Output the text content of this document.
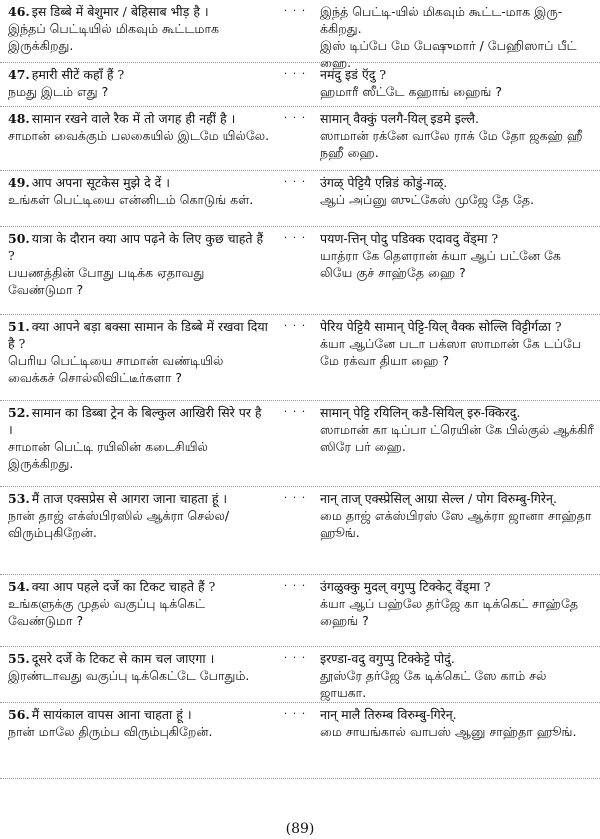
46. इस डिब्बे में बेशुमार / बेहिसाब भीड़ है ।
இந்தப் பெட்டியில் மிகவும் கூட்டமாக இருக்கிறது.
· · ·	இந்த் பெட்டி-யில் மிகவும் கூட்ட-மாக இரு-க்கிறது.
இஸ் டிப்பே மே பேஷுமார் / பேஹிஸாப் பீட் ஹை.
47. हमारी सीटें कहाँ हैं ?
நமது இடம் எது ?
· · ·	नमदु इडं ऍदु ?
ஹமாரீ ஸீட்டே கஹாங் ஹைங் ?
48. सामान रखने वाले रैक में तो जगह ही नहीं है ।
சாமான் வைக்கும் பலகையில் இடமே யில்லே.
· · ·	सामान् वैक्कुं पलगै-यिल् इडमे इल्लै.
ஸாமான் ரக்னே வாலே ராக் மே தோ ஜகஹ் ஹீ நஹீ ஹை.
49. आप अपना सूटकेस मुझे दे दें ।
உங்கள் பெட்டியை என்னிடம் கொடுங் கள்.
· · ·	उंगळ् पेट्टियै एन्निडं कोडुं-गळ्.
ஆப் அப்னு ஸுட்கேஸ் முஜே தே தே.
50. यात्रा के दौरान क्या आप पढ़ने के लिए कुछ चाहते हैं ?
பயணத்தின் போது படிக்க ஏதாவது வேண்டுமா ?
· · ·	पयण-त्तिन् पोदु पडिक्क एदावदु वेंड्मा ?
யாத்ரா கே தௌரான் க்யா ஆப் பட்னே கே லியே குச் சாஹ்தே ஹை ?
51. क्या आपने बड़ा बक्सा सामान के डिब्बे में रखवा दिया है ?
பெரிய பெட்டியை சாமான் வண்டியில் வைக்கச் சொல்லிவிட்டீர்களா ?
· · ·	पेरिय पेट्टियै सामान् पेट्टि-यिल् वैक्क सोल्लि विट्टीर्गळा ?
க்யா ஆப்னே படா பக்ஸா ஸாமான் கே டப்பே மே ரக்வா தியா ஹை ?
52. सामान का डिब्बा ट्रेन के बिल्कुल आखिरी सिरे पर है ।
சாமான் பெட்டி ரயிலின் கடைசியில் இருக்கிறது.
· · ·	सामान् पेट्टि रयिलिन् कडै-सियिल् इरु-क्किरदु.
ஸாமான் கா டிப்பா ட்ரெயின் கே பில்குல் ஆக்கிரீ ஸிரே பர் ஹை.
53. मैं ताज एक्सप्रेस से आगरा जाना चाहता हूं ।
நான் தாஜ் எக்ஸ்பிரஸில் ஆக்ரா செல்ல/ விரும்புகிறேன்.
· · ·	नान् ताज् एक्स्प्रेसिल् आग्रा सेल्ल / पोग विरुम्बु-गिरेन्.
மை தாஜ் எக்ஸ்பிரஸ் ஸே ஆக்ரா ஜானா சாஹ்தா ஹூங்.
54. क्या आप पहले दर्जे का टिकट चाहते हैं ?
உங்களுக்கு முதல் வகுப்பு டிக்கெட் வேண்டுமா ?
· · ·	उंगळुक्कु मुदल् वगुप्पु टिक्केट् वेंड्मा ?
க்யா ஆப் பஹ்லே தர்ஜே கா டிக்கெட் சாஹ்தே ஹைங் ?
55. दूसरे दर्जे के टिकट से काम चल जाएगा ।
இரண்டாவது வகுப்பு டிக்கெட்டே போதும்.
· · ·	इरण्डा-वदु वगुप्पु टिक्केट्टे पोदुं.
தூஸ்ரே தர்ஜே கே டிக்கெட் ஸே காம் சல் ஜாயகா.
56. मैं सायंकाल वापस आना चाहता हूं ।
நான் மாலே திரும்ப விரும்புகிறேன்.
· · ·	नान् मालै तिरुम्ब विरुम्बु-गिरेन्.
மை சாயங்கால் வாபஸ் ஆனு சாஹ்தா ஹூங்.
(89)
